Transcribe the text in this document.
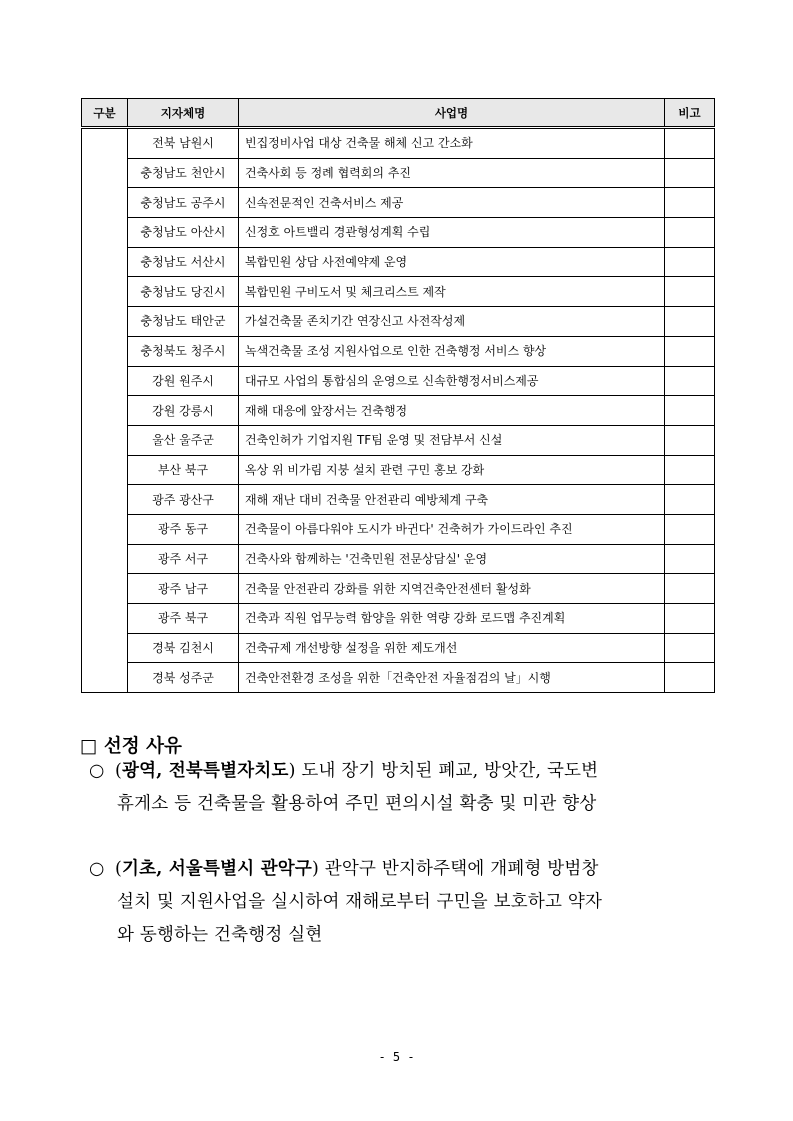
구분	지자체명	사업명	비고
	전북 남원시	빈집정비사업 대상 건축물 해체 신고 간소화	
	충청남도 천안시	건축사회 등 정례 협력회의 추진	
	충청남도 공주시	신속전문적인 건축서비스 제공	
	충청남도 아산시	신정호 아트밸리 경관형성계획 수립	
	충청남도 서산시	복합민원 상담 사전예약제 운영	
	충청남도 당진시	복합민원 구비도서 및 체크리스트 제작	
	충청남도 태안군	가설건축물 존치기간 연장신고 사전작성제	
	충청북도 청주시	녹색건축물 조성 지원사업으로 인한 건축행정 서비스 향상	
	강원 원주시	대규모 사업의 통합심의 운영으로 신속한행정서비스제공	
	강원 강릉시	재해 대응에 앞장서는 건축행정	
	울산 울주군	건축인허가 기업지원 TF팀 운영 및 전담부서 신설	
	부산 북구	옥상 위 비가림 지붕 설치 관련 구민 홍보 강화	
	광주 광산구	재해 재난 대비 건축물 안전관리 예방체계 구축	
	광주 동구	건축물이 아름다워야 도시가 바귄다' 건축허가 가이드라인 추진	
	광주 서구	건축사와 함께하는 '건축민원 전문상담실' 운영	
	광주 남구	건축물 안전관리 강화를 위한 지역건축안전센터 활성화	
	광주 북구	건축과 직원 업무능력 함양을 위한 역량 강화 로드맵 추진계획	
	경북 김천시	건축규제 개선방향 설정을 위한 제도개선	
	경북 성주군	건축안전환경 조성을 위한「건축안전 자율점검의 날」시행	
□ 선정 사유

○ (광역, 전북특별자치도) 도내 장기 방치된 폐교, 방앗간, 국도변
휴게소 등 건축물을 활용하여 주민 편의시설 확충 및 미관 향상

○ (기초, 서울특별시 관악구) 관악구 반지하주택에 개폐형 방범창
설치 및 지원사업을 실시하여 재해로부터 구민을 보호하고 약자
와 동행하는 건축행정 실현

- 5 -
